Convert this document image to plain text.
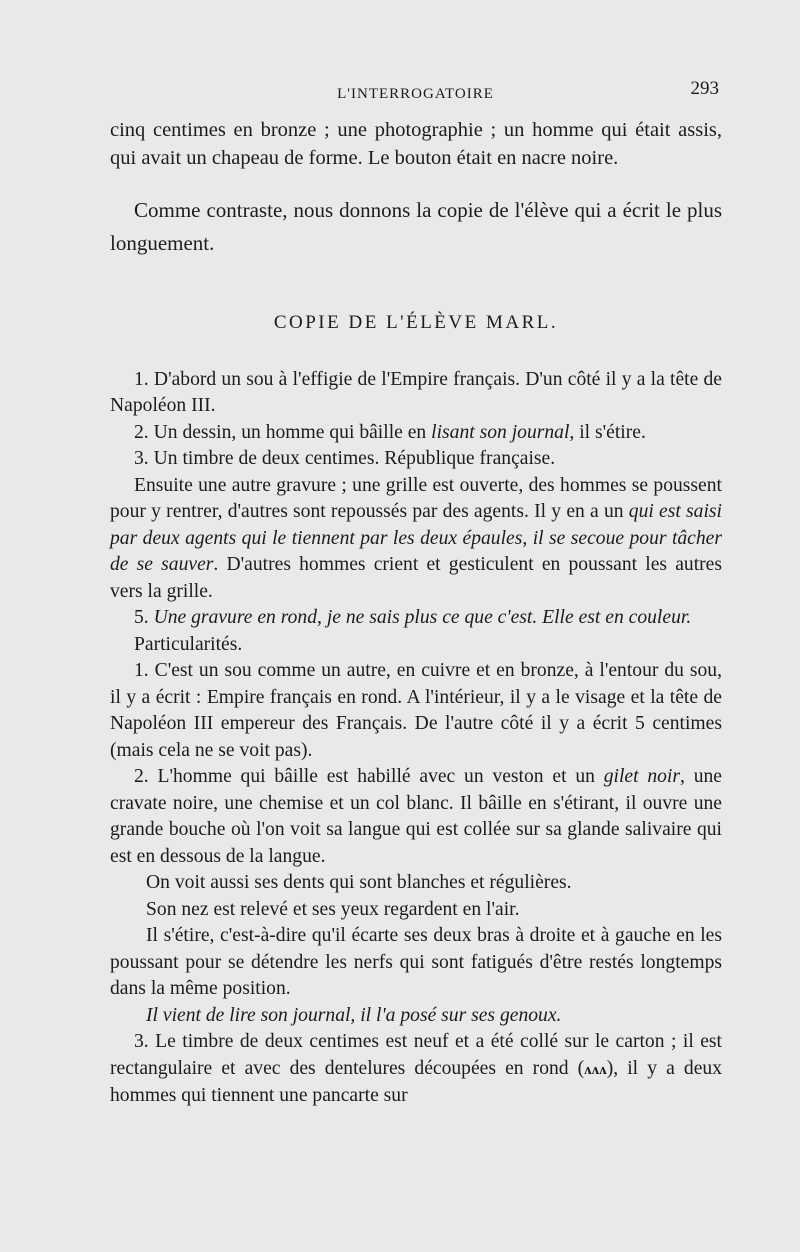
L'INTERROGATOIRE	293

cinq centimes en bronze ; une photographie ; un homme qui était assis, qui avait un chapeau de forme. Le bouton était en nacre noire.

Comme contraste, nous donnons la copie de l'élève qui a écrit le plus longuement.

COPIE DE L'ÉLÈVE MARL.

1. D'abord un sou à l'effigie de l'Empire français. D'un côté il y a la tête de Napoléon III.

2. Un dessin, un homme qui bâille en lisant son journal, il s'étire.

3. Un timbre de deux centimes. République française.

Ensuite une autre gravure ; une grille est ouverte, des hommes se poussent pour y rentrer, d'autres sont repoussés par des agents. Il y en a un qui est saisi par deux agents qui le tiennent par les deux épaules, il se secoue pour tâcher de se sauver. D'autres hommes crient et gesticulent en poussant les autres vers la grille.

5. Une gravure en rond, je ne sais plus ce que c'est. Elle est en couleur.

Particularités.

1. C'est un sou comme un autre, en cuivre et en bronze, à l'entour du sou, il y a écrit : Empire français en rond. A l'intérieur, il y a le visage et la tête de Napoléon III empereur des Français. De l'autre côté il y a écrit 5 centimes (mais cela ne se voit pas).

2. L'homme qui bâille est habillé avec un veston et un gilet noir, une cravate noire, une chemise et un col blanc. Il bâille en s'étirant, il ouvre une grande bouche où l'on voit sa langue qui est collée sur sa glande salivaire qui est en dessous de la langue.

On voit aussi ses dents qui sont blanches et régulières.

Son nez est relevé et ses yeux regardent en l'air.

Il s'étire, c'est-à-dire qu'il écarte ses deux bras à droite et à gauche en les poussant pour se détendre les nerfs qui sont fatigués d'être restés longtemps dans la même position.

Il vient de lire son journal, il l'a posé sur ses genoux.

3. Le timbre de deux centimes est neuf et a été collé sur le carton ; il est rectangulaire et avec des dentelures découpées en rond (ʌʌʌ), il y a deux hommes qui tiennent une pancarte sur
